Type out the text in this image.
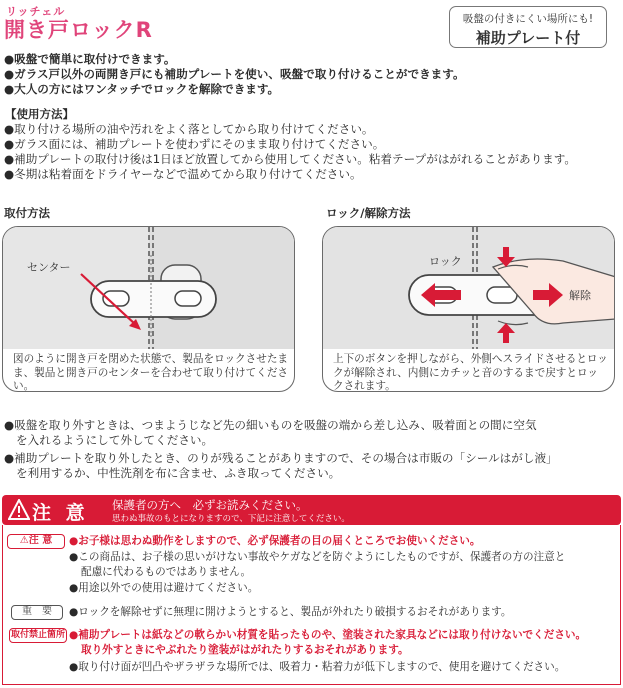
リッチェル
開き戸ロックR	吸盤の付きにくい場所にも!
補助プレート付
●吸盤で簡単に取付けできます。
●ガラス戸以外の両開き戸にも補助プレートを使い、吸盤で取り付けることができます。
●大人の方にはワンタッチでロックを解除できます。
【使用方法】
●取り付ける場所の油や汚れをよく落としてから取り付けてください。
●ガラス面には、補助プレートを使わずにそのまま取り付けてください。
●補助プレートの取付け後は1日ほど放置してから使用してください。粘着テープがはがれることがあります。
●冬期は粘着面をドライヤーなどで温めてから取り付けてください。
取付方法	ロック/解除方法
センター
図のように開き戸を閉めた状態で、製品をロックさせたまま、製品と開き戸のセンターを合わせて取り付けてください。
ロック
解除
上下のボタンを押しながら、外側へスライドさせるとロックが解除され、内側にカチッと音のするまで戻すとロックされます。
●吸盤を取り外すときは、つまようじなど先の細いものを吸盤の端から差し込み、吸着面との間に空気
を入れるようにして外してください。
●補助プレートを取り外したとき、のりが残ることがありますので、その場合は市販の「シールはがし液」
を利用するか、中性洗剤を布に含ませ、ふき取ってください。
注 意 保護者の方へ　必ずお読みください。
思わぬ事故のもとになりますので、下記に注意してください。
⚠注 意	●お子様は思わぬ動作をしますので、必ず保護者の目の届くところでお使いください。
●この商品は、お子様の思いがけない事故やケガなどを防ぐようにしたものですが、保護者の方の注意と
配慮に代わるものではありません。
●用途以外での使用は避けてください。
重　要	●ロックを解除せずに無理に開けようとすると、製品が外れたり破損するおそれがあります。
取付禁止箇所 ●補助プレートは紙などの軟らかい材質を貼ったものや、塗装された家具などには取り付けないでください。
取り外すときにやぶれたり塗装がはがれたりするおそれがあります。
●取り付け面が凹凸やザラザラな場所では、吸着力・粘着力が低下しますので、使用を避けてください。
